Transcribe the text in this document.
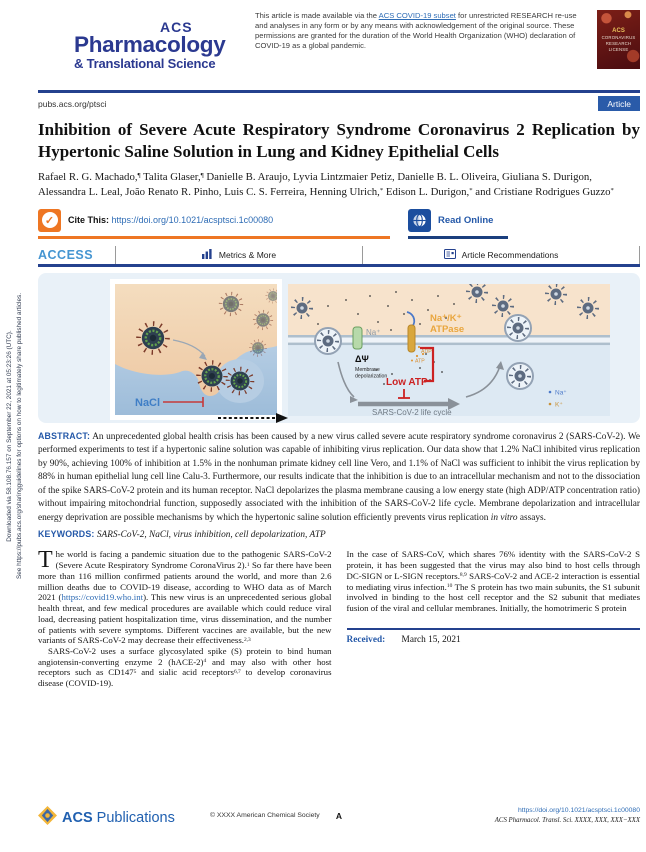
Downloaded via 58.108.76.157 on September 22, 2021 at 05:23:26 (UTC). See https://pubs.acs.org/sharingguidelines for options on how to legitimately share published articles.
ACS
Pharmacology
& Translational Science
This article is made available via the ACS COVID-19 subset for unrestricted RESEARCH re-use and analyses in any form or by any means with acknowledgement of the original source. These permissions are granted for the duration of the World Health Organization (WHO) declaration of COVID-19 as a global pandemic.
ACS
CORONAVIRUS
RESEARCH
LICENSE
pubs.acs.org/ptsci	Article
Inhibition of Severe Acute Respiratory Syndrome Coronavirus 2 Replication by Hypertonic Saline Solution in Lung and Kidney Epithelial Cells
Rafael R. G. Machado,¶ Talita Glaser,¶ Danielle B. Araujo, Lyvia Lintzmaier Petiz, Danielle B. L. Oliveira, Giuliana S. Durigon, Alessandra L. Leal, João Renato R. Pinho, Luis C. S. Ferreira, Henning Ulrich,* Edison L. Durigon,* and Cristiane Rodrigues Guzzo*
✓	Cite This: https://doi.org/10.1021/acsptsci.1c00080	Read Online
ACCESS	Metrics & More	Article Recommendations
NaCl
Na⁺
ΔΨ
Membrane
depolarization
ADP
ATP
Na⁺/K⁺
ATPase
Low ATP
SARS-CoV-2 life cycle
Na⁺
K⁺
ABSTRACT: An unprecedented global health crisis has been caused by a new virus called severe acute respiratory syndrome coronavirus 2 (SARS-CoV-2). We performed experiments to test if a hypertonic saline solution was capable of inhibiting virus replication. Our data show that 1.2% NaCl inhibited virus replication by 90%, achieving 100% of inhibition at 1.5% in the nonhuman primate kidney cell line Vero, and 1.1% of NaCl was sufficient to inhibit the virus replication by 88% in human epithelial lung cell line Calu-3. Furthermore, our results indicate that the inhibition is due to an intracellular mechanism and not to the dissociation of the spike SARS-CoV-2 protein and its human receptor. NaCl depolarizes the plasma membrane causing a low energy state (high ADP/ATP concentration ratio) without impairing mitochondrial function, supposedly associated with the inhibition of the SARS-CoV-2 life cycle. Membrane depolarization and intracellular energy deprivation are possible mechanisms by which the hypertonic saline solution efficiently prevents virus replication in vitro assays.
KEYWORDS: SARS-CoV-2, NaCl, virus inhibition, cell depolarization, ATP

The world is facing a pandemic situation due to the pathogenic SARS-CoV-2 (Severe Acute Respiratory Syndrome CoronaVirus 2).$^1$ So far there have been more than 116 million confirmed patients around the world, and more than 2.6 million deaths due to COVID-19 disease, according to WHO data as of March 2021 (https://covid19.who.int). This new virus is an unprecedented serious global health threat, and few medical procedures are available which could reduce viral load, decreasing patient hospitalization time, virus dissemination, and the number of patients with severe symptoms. Different vaccines are available, but the new variants of SARS-CoV-2 may decrease their effectiveness.$^{2,3}$

SARS-CoV-2 uses a surface glycosylated spike (S) protein to bind human angiotensin-converting enzyme 2 (hACE-2)$^4$ and may also with other host receptors such as $CD147^5$ and sialic acid receptors$^{6,7}$ to develop coronavirus disease (COVID-19).

In the case of SARS-CoV, which shares 76% identity with the SARS-CoV-2 S protein, it has been suggested that the virus may also bind to host cells through DC-SIGN or L-SIGN receptors.$^{8,9}$ SARS-CoV-2 and ACE-2 interaction is essential to mediating virus infection.$^{10}$ The S protein has two main subunits, the S1 subunit involved in binding to the host cell receptor and the S2 subunit that mediates fusion of the viral and cellular membranes. Initially, the homotrimeric S protein

Received: March 15, 2021
ACS Publications	© XXXX American Chemical Society	A
https://doi.org/10.1021/acsptsci.1c00080
ACS Pharmacol. Transl. Sci. XXXX, XXX, XXX−XXX
